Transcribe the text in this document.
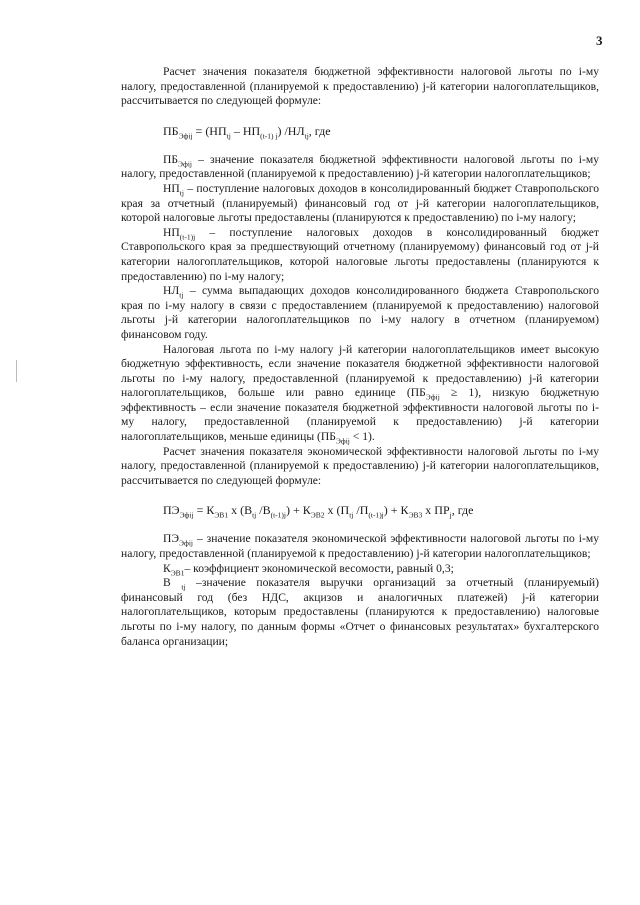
3

Расчет значения показателя бюджетной эффективности налоговой льготы по i-му налогу, предоставленной (планируемой к предоставлению) j-й категории налогоплательщиков, рассчитывается по следующей формуле:

$ПБ_{Эфij} = (НП_{tj} - НП_{(t-1) j})$ $/НЛ_{tj}$, где

$ПБ_{Эфij}$ – значение показателя бюджетной эффективности налоговой льготы по i-му налогу, предоставленной (планируемой к предоставлению) j-й категории налогоплательщиков;

$НП_{tj}$ – поступление налоговых доходов в консолидированный бюджет Ставропольского края за отчетный (планируемый) финансовый год от j-й категории налогоплательщиков, которой налоговые льготы предоставлены (планируются к предоставлению) по i-му налогу;

$НП_{(t-1)j}$ – поступление налоговых доходов в консолидированный бюджет Ставропольского края за предшествующий отчетному (планируемому) финансовый год от j-й категории налогоплательщиков, которой налоговые льготы предоставлены (планируются к предоставлению) по i-му налогу;

$НЛ_{tj}$ – сумма выпадающих доходов консолидированного бюджета Ставропольского края по i-му налогу в связи с предоставлением (планируемой к предоставлению) налоговой льготы j-й категории налогоплательщиков по i-му налогу в отчетном (планируемом) финансовом году.

Налоговая льгота по i-му налогу j-й категории налогоплательщиков имеет высокую бюджетную эффективность, если значение показателя бюджетной эффективности налоговой льготы по i-му налогу, предоставленной (планируемой к предоставлению) j-й категории налогоплательщиков, больше или равно единице $(ПБ_{Эфij} \ge 1)$, низкую бюджетную эффективность – если значение показателя бюджетной эффективности налоговой льготы по i-му налогу, предоставленной (планируемой к предоставлению) j-й категории налогоплательщиков, меньше единицы $(ПБ_{Эфij} < 1)$.

Расчет значения показателя экономической эффективности налоговой льготы по i-му налогу, предоставленной (планируемой к предоставлению) j-й категории налогоплательщиков, рассчитывается по следующей формуле:

$ПЭ_{Эфij} = К_{ЭВ1}$ х ($В_{tj}$ $/В_{(t-1)j}) + К_{ЭВ2}$ х ($П_{tj}$ $/П_{(t-1)j}) + К_{ЭВ3}$ х $ПР_j$, где

$ПЭ_{Эфij}$ – значение показателя экономической эффективности налоговой льготы по i-му налогу, предоставленной (планируемой к предоставлению) j-й категории налогоплательщиков;

$К_{ЭВ1}-$ коэффициент экономической весомости, равный 0,3;

В $_{tj}$ –значение показателя выручки организаций за отчетный (планируемый) финансовый год (без НДС, акцизов и аналогичных платежей) j-й категории налогоплательщиков, которым предоставлены (планируются к предоставлению) налоговые льготы по i-му налогу, по данным формы «Отчет о финансовых результатах» бухгалтерского баланса организации;
